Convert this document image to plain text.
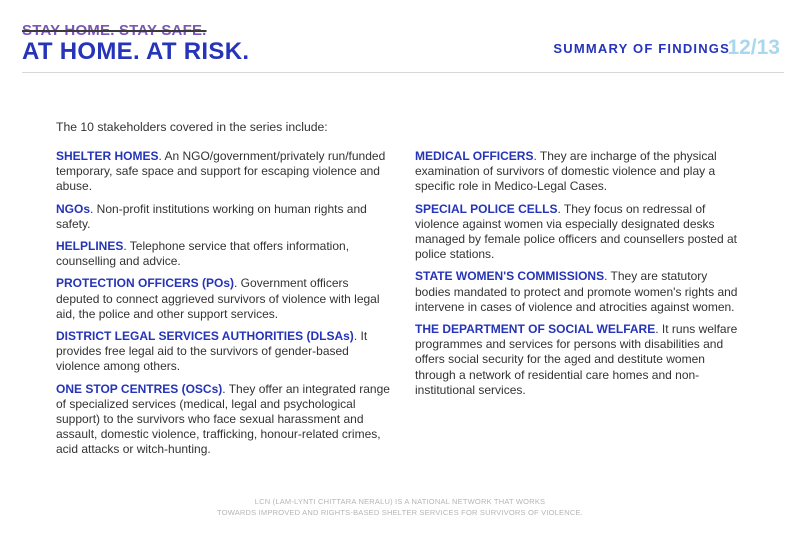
STAY HOME. STAY SAFE.
AT HOME. AT RISK.	SUMMARY OF FINDINGS
12/13

The 10 stakeholders covered in the series include:

SHELTER HOMES. An NGO/government/privately run/funded temporary, safe space and support for escaping violence and abuse.

NGOs. Non-profit institutions working on human rights and safety.

HELPLINES. Telephone service that offers information, counselling and advice.

PROTECTION OFFICERS (POs). Government officers deputed to connect aggrieved survivors of violence with legal aid, the police and other support services.

DISTRICT LEGAL SERVICES AUTHORITIES (DLSAs). It provides free legal aid to the survivors of gender-based violence among others.

ONE STOP CENTRES (OSCs). They offer an integrated range of specialized services (medical, legal and psychological support) to the survivors who face sexual harassment and assault, domestic violence, trafficking, honour-related crimes, acid attacks or witch-hunting.

MEDICAL OFFICERS. They are incharge of the physical examination of survivors of domestic violence and play a specific role in Medico-Legal Cases.

SPECIAL POLICE CELLS. They focus on redressal of violence against women via especially designated desks managed by female police officers and counsellers posted at police stations.

STATE WOMEN'S COMMISSIONS. They are statutory bodies mandated to protect and promote women's rights and intervene in cases of violence and atrocities against women.

THE DEPARTMENT OF SOCIAL WELFARE. It runs welfare programmes and services for persons with disabilities and offers social security for the aged and destitute women through a network of residential care homes and non-institutional services.

LCN (LAM-LYNTI CHITTARA NERALU) IS A NATIONAL NETWORK THAT WORKS
TOWARDS IMPROVED AND RIGHTS-BASED SHELTER SERVICES FOR SURVIVORS OF VIOLENCE.
